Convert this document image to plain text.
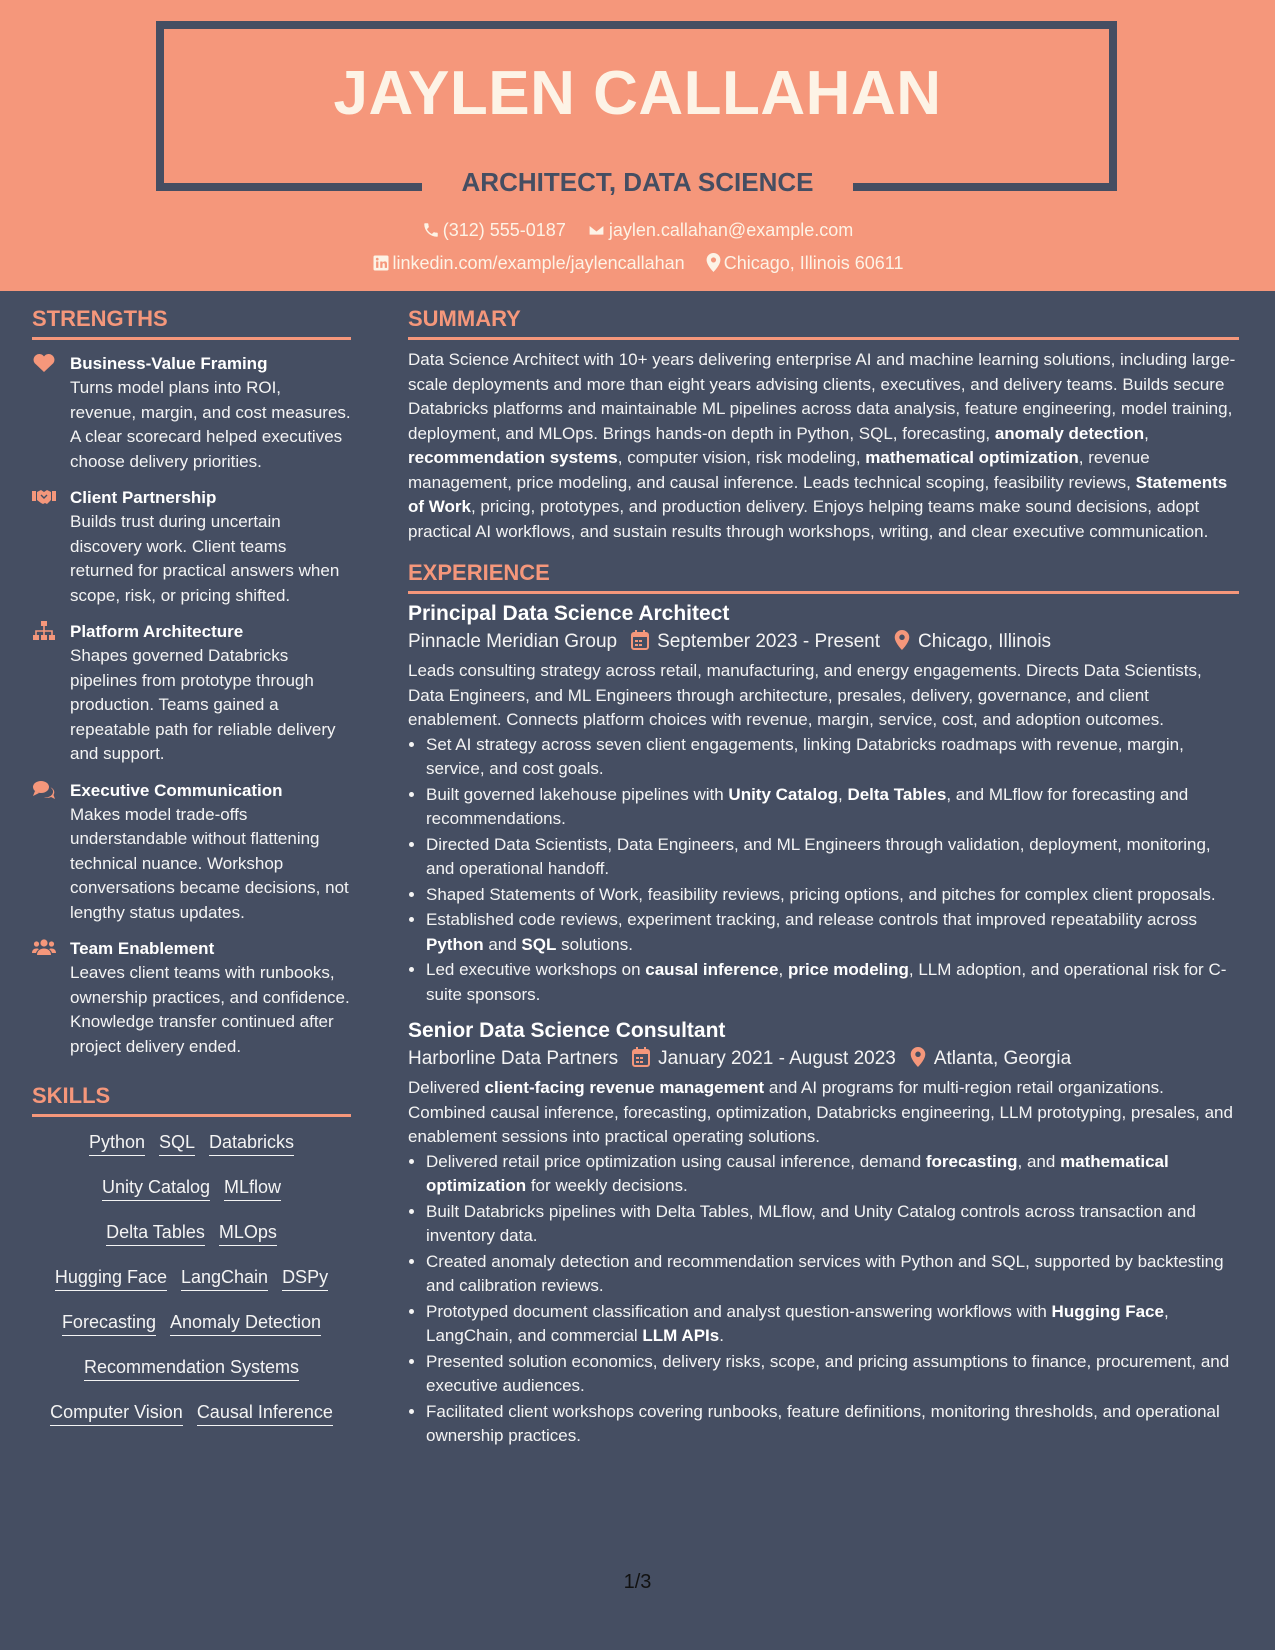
JAYLEN CALLAHAN
ARCHITECT, DATA SCIENCE
(312) 555-0187 jaylen.callahan@example.com
linkedin.com/example/jaylencallahan Chicago, Illinois 60611
STRENGTHS
Business-Value Framing
Turns model plans into ROI, revenue, margin, and cost measures. A clear scorecard helped executives choose delivery priorities.
Client Partnership
Builds trust during uncertain discovery work. Client teams returned for practical answers when scope, risk, or pricing shifted.
Platform Architecture
Shapes governed Databricks pipelines from prototype through production. Teams gained a repeatable path for reliable delivery and support.
Executive Communication
Makes model trade-offs understandable without flattening technical nuance. Workshop conversations became decisions, not lengthy status updates.
Team Enablement
Leaves client teams with runbooks, ownership practices, and confidence. Knowledge transfer continued after project delivery ended.
SKILLS
Python SQL Databricks
Unity Catalog MLflow
Delta Tables MLOps
Hugging Face LangChain DSPy
Forecasting Anomaly Detection
Recommendation Systems
Computer Vision Causal Inference
SUMMARY

Data Science Architect with 10+ years delivering enterprise AI and machine learning solutions, including large-scale deployments and more than eight years advising clients, executives, and delivery teams. Builds secure Databricks platforms and maintainable ML pipelines across data analysis, feature engineering, model training, deployment, and MLOps. Brings hands-on depth in Python, SQL, forecasting, anomaly detection, recommendation systems, computer vision, risk modeling, mathematical optimization, revenue management, price modeling, and causal inference. Leads technical scoping, feasibility reviews, Statements of Work, pricing, prototypes, and production delivery. Enjoys helping teams make sound decisions, adopt practical AI workflows, and sustain results through workshops, writing, and clear executive communication.

EXPERIENCE
Principal Data Science Architect
Pinnacle Meridian Group September 2023 - Present Chicago, Illinois

Leads consulting strategy across retail, manufacturing, and energy engagements. Directs Data Scientists, Data Engineers, and ML Engineers through architecture, presales, delivery, governance, and client enablement. Connects platform choices with revenue, margin, service, cost, and adoption outcomes.

• Set AI strategy across seven client engagements, linking Databricks roadmaps with revenue, margin, service, and cost goals.
• Built governed lakehouse pipelines with Unity Catalog, Delta Tables, and MLflow for forecasting and recommendations.
• Directed Data Scientists, Data Engineers, and ML Engineers through validation, deployment, monitoring, and operational handoff.
• Shaped Statements of Work, feasibility reviews, pricing options, and pitches for complex client proposals.
• Established code reviews, experiment tracking, and release controls that improved repeatability across Python and SQL solutions.
• Led executive workshops on causal inference, price modeling, LLM adoption, and operational risk for C-suite sponsors.
Senior Data Science Consultant
Harborline Data Partners January 2021 - August 2023 Atlanta, Georgia

Delivered client-facing revenue management and AI programs for multi-region retail organizations. Combined causal inference, forecasting, optimization, Databricks engineering, LLM prototyping, presales, and enablement sessions into practical operating solutions.

• Delivered retail price optimization using causal inference, demand forecasting, and mathematical optimization for weekly decisions.
• Built Databricks pipelines with Delta Tables, MLflow, and Unity Catalog controls across transaction and inventory data.
• Created anomaly detection and recommendation services with Python and SQL, supported by backtesting and calibration reviews.
• Prototyped document classification and analyst question-answering workflows with Hugging Face, LangChain, and commercial LLM APIs.
• Presented solution economics, delivery risks, scope, and pricing assumptions to finance, procurement, and executive audiences.
• Facilitated client workshops covering runbooks, feature definitions, monitoring thresholds, and operational ownership practices.
1/3
